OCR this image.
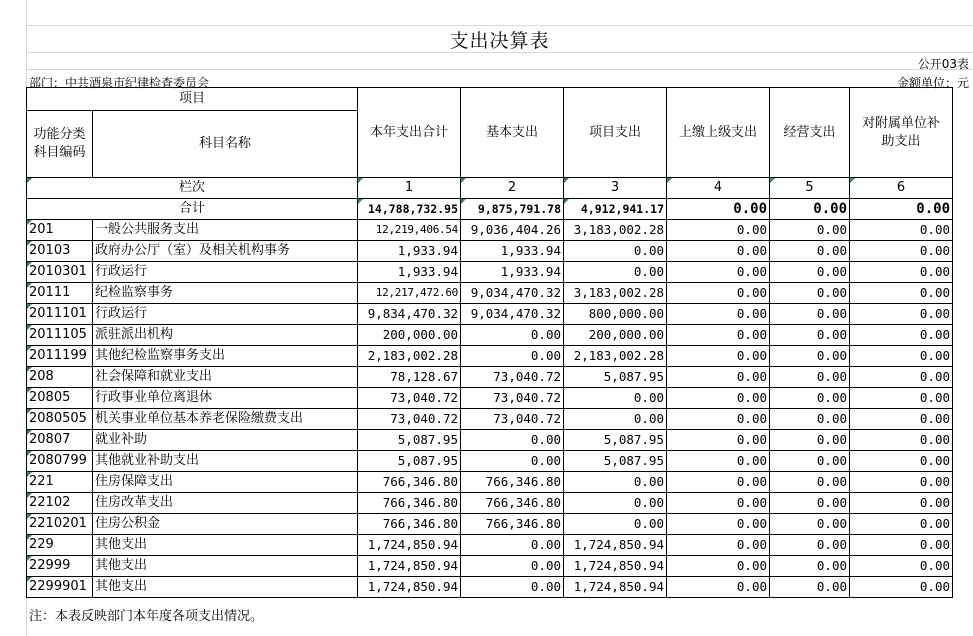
支出决算表
公开03表
部门：中共酒泉市纪律检查委员会	金额单位：元
项目		本年支出合计	基本支出	项目支出	上缴上级支出	经营支出	对附属单位补助支出
功能分类科目编码	科目名称						
栏次		1	2	3	4	5	6
合计		14,788,732.95	9,875,791.78	4,912,941.17	0.00	0.00	0.00
201	一般公共服务支出	12,219,406.54	9,036,404.26	3,183,002.28	0.00	0.00	0.00
20103	政府办公厅（室）及相关机构事务	1,933.94	1,933.94	0.00	0.00	0.00	0.00
2010301	行政运行	1,933.94	1,933.94	0.00	0.00	0.00	0.00
20111	纪检监察事务	12,217,472.60	9,034,470.32	3,183,002.28	0.00	0.00	0.00
2011101	行政运行	9,834,470.32	9,034,470.32	800,000.00	0.00	0.00	0.00
2011105	派驻派出机构	200,000.00	0.00	200,000.00	0.00	0.00	0.00
2011199	其他纪检监察事务支出	2,183,002.28	0.00	2,183,002.28	0.00	0.00	0.00
208	社会保障和就业支出	78,128.67	73,040.72	5,087.95	0.00	0.00	0.00
20805	行政事业单位离退休	73,040.72	73,040.72	0.00	0.00	0.00	0.00
2080505	机关事业单位基本养老保险缴费支出	73,040.72	73,040.72	0.00	0.00	0.00	0.00
20807	就业补助	5,087.95	0.00	5,087.95	0.00	0.00	0.00
2080799	其他就业补助支出	5,087.95	0.00	5,087.95	0.00	0.00	0.00
221	住房保障支出	766,346.80	766,346.80	0.00	0.00	0.00	0.00
22102	住房改革支出	766,346.80	766,346.80	0.00	0.00	0.00	0.00
2210201	住房公积金	766,346.80	766,346.80	0.00	0.00	0.00	0.00
229	其他支出	1,724,850.94	0.00	1,724,850.94	0.00	0.00	0.00
22999	其他支出	1,724,850.94	0.00	1,724,850.94	0.00	0.00	0.00
2299901	其他支出	1,724,850.94	0.00	1,724,850.94	0.00	0.00	0.00
注：本表反映部门本年度各项支出情况。
